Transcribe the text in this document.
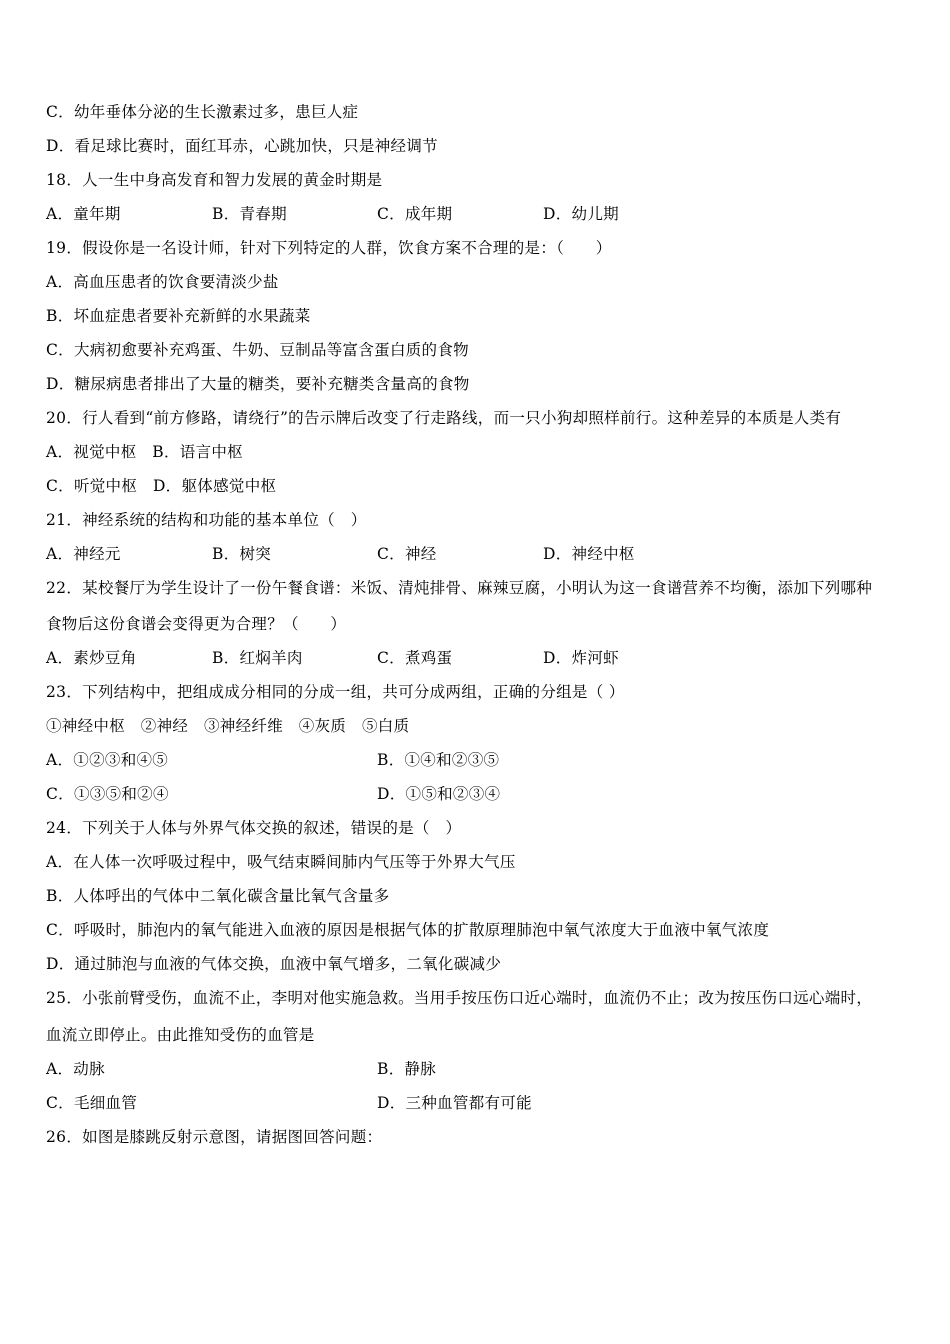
C．幼年垂体分泌的生长激素过多，患巨人症
D．看足球比赛时，面红耳赤，心跳加快，只是神经调节
18．人一生中身高发育和智力发展的黄金时期是
A．童年期	B．青春期	C．成年期	D．幼儿期
19．假设你是一名设计师，针对下列特定的人群，饮食方案不合理的是：（　　）
A．高血压患者的饮食要清淡少盐
B．坏血症患者要补充新鲜的水果蔬菜
C．大病初愈要补充鸡蛋、牛奶、豆制品等富含蛋白质的食物
D．糖尿病患者排出了大量的糖类，要补充糖类含量高的食物
20．行人看到“前方修路，请绕行”的告示牌后改变了行走路线，而一只小狗却照样前行。这种差异的本质是人类有
A．视觉中枢　B．语言中枢
C．听觉中枢　D．躯体感觉中枢
21．神经系统的结构和功能的基本单位（　）
A．神经元	B．树突	C．神经	D．神经中枢
22．某校餐厅为学生设计了一份午餐食谱：米饭、清炖排骨、麻辣豆腐，小明认为这一食谱营养不均衡，添加下列哪种
食物后这份食谱会变得更为合理？（　　）
A．素炒豆角	B．红焖羊肉	C．煮鸡蛋	D．炸河虾
23．下列结构中，把组成成分相同的分成一组，共可分成两组，正确的分组是（ ）
①神经中枢　②神经　③神经纤维　④灰质　⑤白质
A．①②③和④⑤	B．①④和②③⑤
C．①③⑤和②④	D．①⑤和②③④
24．下列关于人体与外界气体交换的叙述，错误的是（　）
A．在人体一次呼吸过程中，吸气结束瞬间肺内气压等于外界大气压
B．人体呼出的气体中二氧化碳含量比氧气含量多
C．呼吸时，肺泡内的氧气能进入血液的原因是根据气体的扩散原理肺泡中氧气浓度大于血液中氧气浓度
D．通过肺泡与血液的气体交换，血液中氧气增多，二氧化碳减少
25．小张前臂受伤，血流不止，李明对他实施急救。当用手按压伤口近心端时，血流仍不止；改为按压伤口远心端时，
血流立即停止。由此推知受伤的血管是
A．动脉	B．静脉
C．毛细血管	D．三种血管都有可能
26．如图是膝跳反射示意图，请据图回答问题：
